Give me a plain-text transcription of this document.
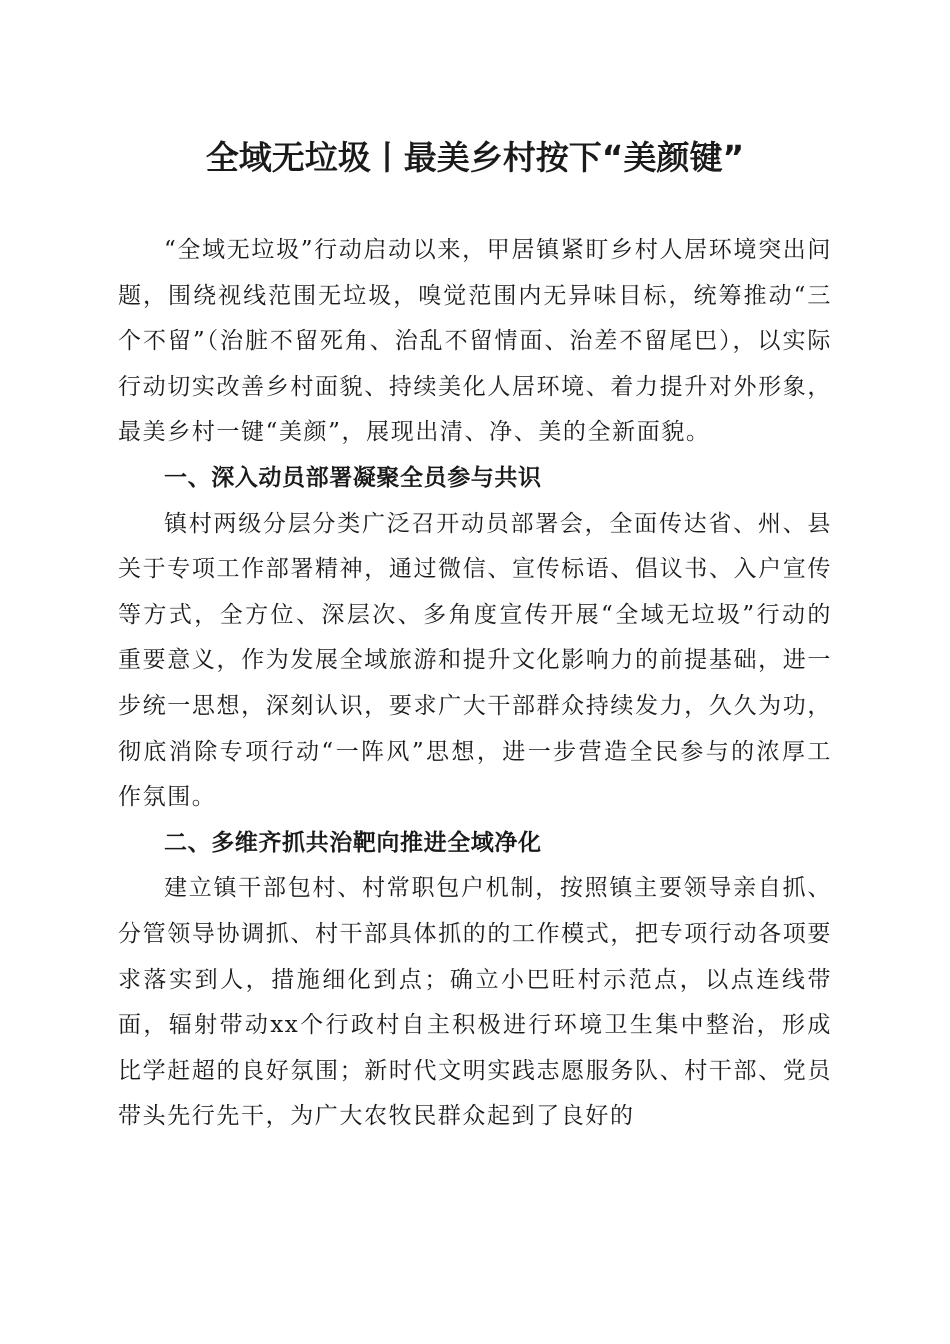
全域无垃圾丨最美乡村按下“美颜键”

“全域无垃圾”行动启动以来，甲居镇紧盯乡村人居环境突出问题，围绕视线范围无垃圾，嗅觉范围内无异味目标，统筹推动“三个不留”（治脏不留死角、治乱不留情面、治差不留尾巴），以实际行动切实改善乡村面貌、持续美化人居环境、着力提升对外形象，最美乡村一键“美颜”，展现出清、净、美的全新面貌。

一、深入动员部署凝聚全员参与共识

镇村两级分层分类广泛召开动员部署会，全面传达省、州、县关于专项工作部署精神，通过微信、宣传标语、倡议书、入户宣传等方式，全方位、深层次、多角度宣传开展“全域无垃圾”行动的重要意义，作为发展全域旅游和提升文化影响力的前提基础，进一步统一思想，深刻认识，要求广大干部群众持续发力，久久为功，彻底消除专项行动“一阵风”思想，进一步营造全民参与的浓厚工作氛围。

二、多维齐抓共治靶向推进全域净化

建立镇干部包村、村常职包户机制，按照镇主要领导亲自抓、分管领导协调抓、村干部具体抓的的工作模式，把专项行动各项要求落实到人，措施细化到点；确立小巴旺村示范点，以点连线带面，辐射带动xx个行政村自主积极进行环境卫生集中整治，形成比学赶超的良好氛围；新时代文明实践志愿服务队、村干部、党员带头先行先干，为广大农牧民群众起到了良好的
